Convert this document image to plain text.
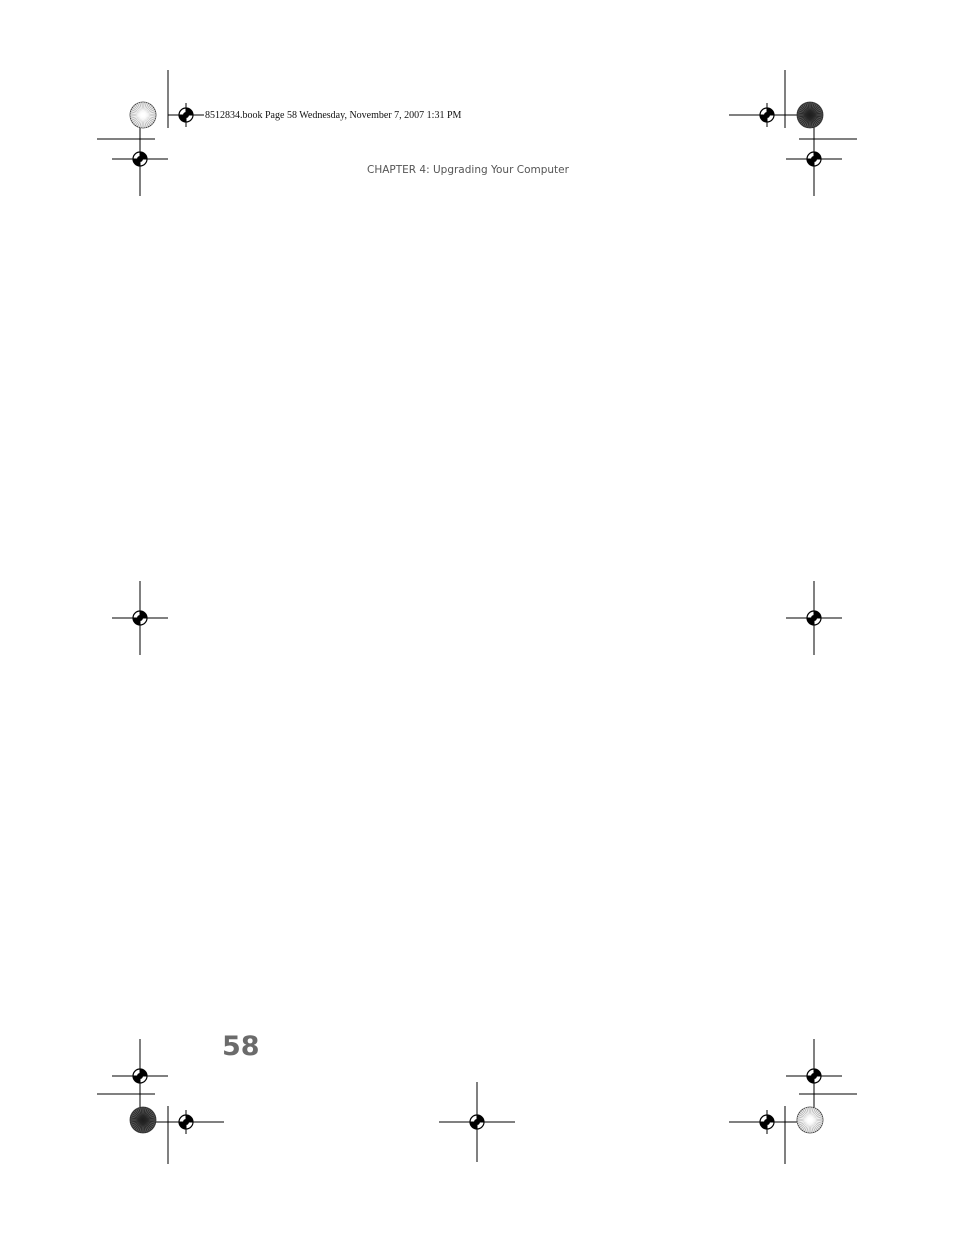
8512834.book Page 58 Wednesday, November 7, 2007 1:31 PM
CHAPTER 4: Upgrading Your Computer
58
